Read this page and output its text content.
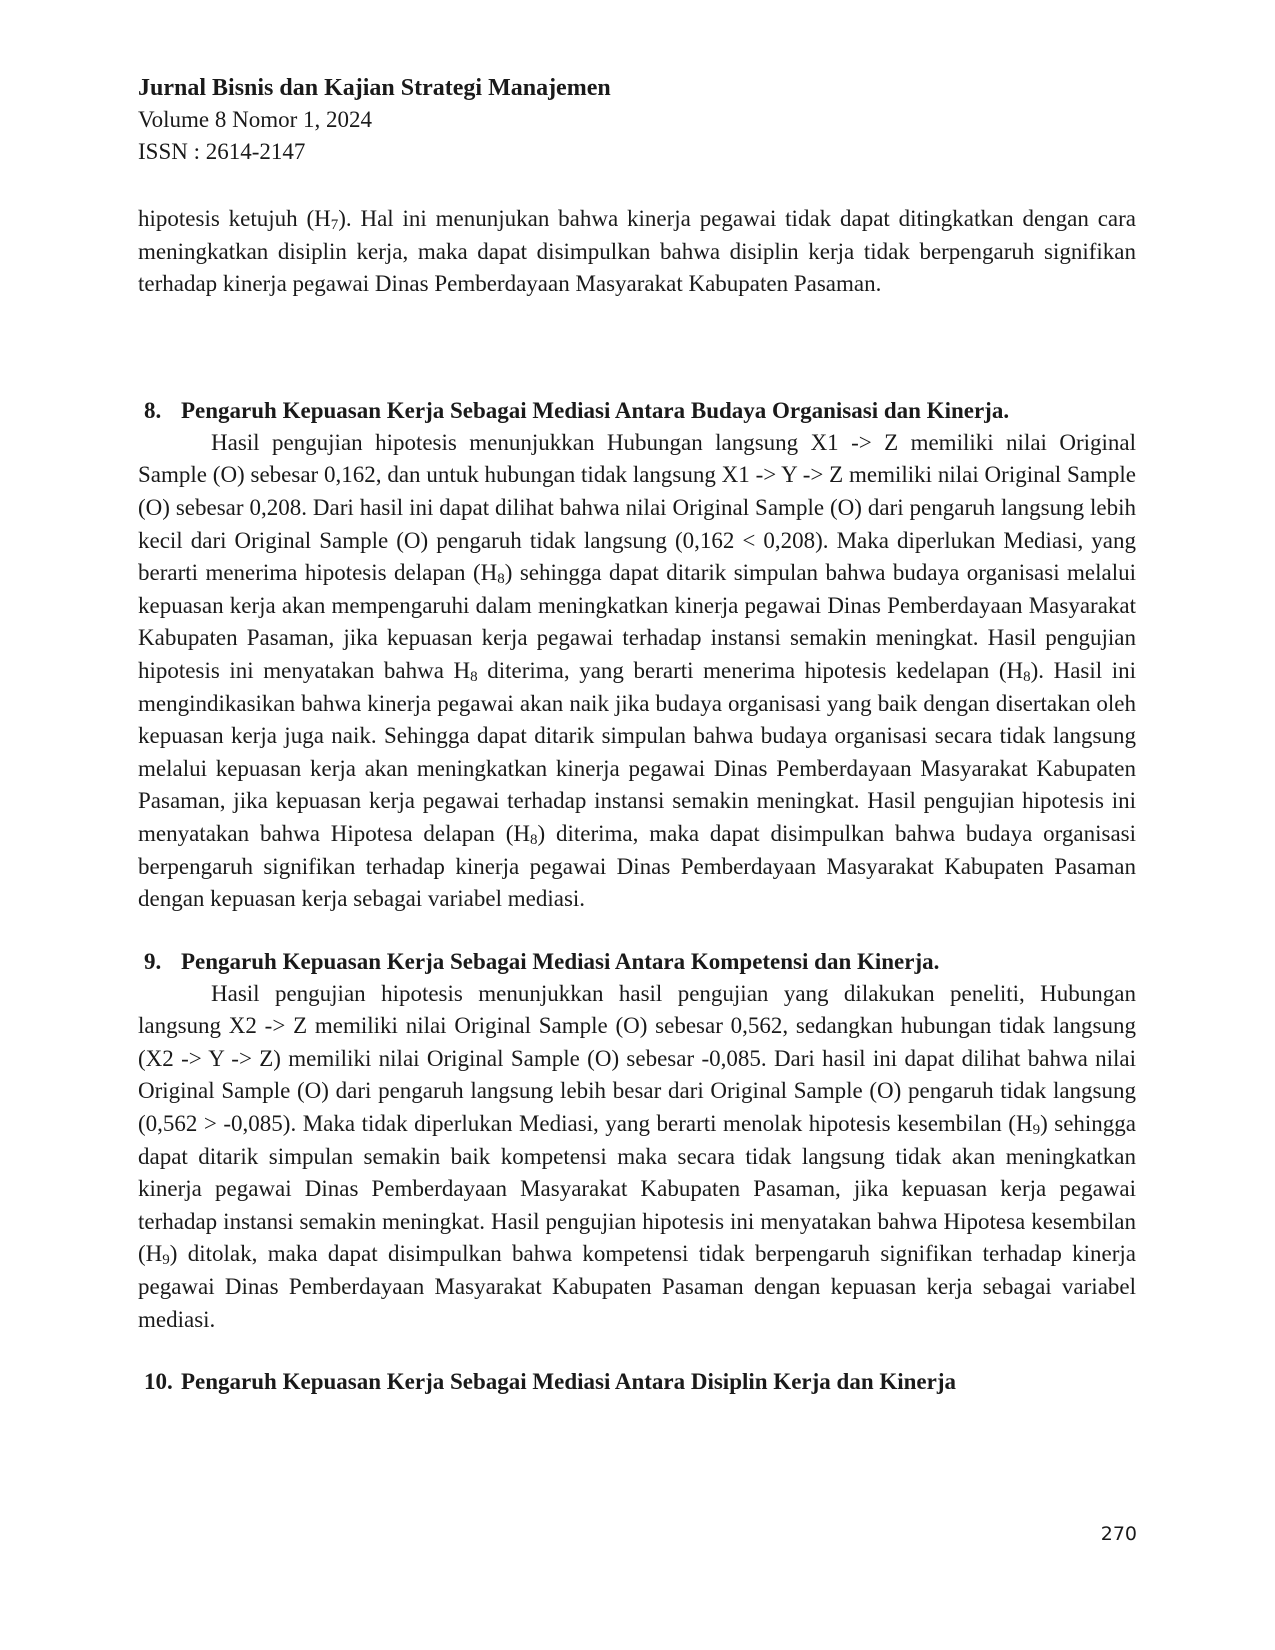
Jurnal Bisnis dan Kajian Strategi Manajemen

Volume 8 Nomor 1, 2024

ISSN : 2614-2147

hipotesis ketujuh $(H_7)$. Hal ini menunjukan bahwa kinerja pegawai tidak dapat ditingkatkan dengan cara meningkatkan disiplin kerja, maka dapat disimpulkan bahwa disiplin kerja tidak berpengaruh signifikan terhadap kinerja pegawai Dinas Pemberdayaan Masyarakat Kabupaten Pasaman.

8. Pengaruh Kepuasan Kerja Sebagai Mediasi Antara Budaya Organisasi dan Kinerja.

Hasil pengujian hipotesis menunjukkan Hubungan langsung X1 -> Z memiliki nilai Original Sample (O) sebesar 0,162, dan untuk hubungan tidak langsung X1 -> Y -> Z memiliki nilai Original Sample (O) sebesar 0,208. Dari hasil ini dapat dilihat bahwa nilai Original Sample (O) dari pengaruh langsung lebih kecil dari Original Sample (O) pengaruh tidak langsung (0,162 < 0,208). Maka diperlukan Mediasi, yang berarti menerima hipotesis delapan $(H_8)$ sehingga dapat ditarik simpulan bahwa budaya organisasi melalui kepuasan kerja akan mempengaruhi dalam meningkatkan kinerja pegawai Dinas Pemberdayaan Masyarakat Kabupaten Pasaman, jika kepuasan kerja pegawai terhadap instansi semakin meningkat. Hasil pengujian hipotesis ini menyatakan bahwa $H_8$ diterima, yang berarti menerima hipotesis kedelapan $(H_8)$. Hasil ini mengindikasikan bahwa kinerja pegawai akan naik jika budaya organisasi yang baik dengan disertakan oleh kepuasan kerja juga naik. Sehingga dapat ditarik simpulan bahwa budaya organisasi secara tidak langsung melalui kepuasan kerja akan meningkatkan kinerja pegawai Dinas Pemberdayaan Masyarakat Kabupaten Pasaman, jika kepuasan kerja pegawai terhadap instansi semakin meningkat. Hasil pengujian hipotesis ini menyatakan bahwa Hipotesa delapan $(H_8)$ diterima, maka dapat disimpulkan bahwa budaya organisasi berpengaruh signifikan terhadap kinerja pegawai Dinas Pemberdayaan Masyarakat Kabupaten Pasaman dengan kepuasan kerja sebagai variabel mediasi.

9. Pengaruh Kepuasan Kerja Sebagai Mediasi Antara Kompetensi dan Kinerja.

Hasil pengujian hipotesis menunjukkan hasil pengujian yang dilakukan peneliti, Hubungan langsung X2 -> Z memiliki nilai Original Sample (O) sebesar 0,562, sedangkan hubungan tidak langsung (X2 -> Y -> Z) memiliki nilai Original Sample (O) sebesar -0,085. Dari hasil ini dapat dilihat bahwa nilai Original Sample (O) dari pengaruh langsung lebih besar dari Original Sample (O) pengaruh tidak langsung (0,562 > -0,085). Maka tidak diperlukan Mediasi, yang berarti menolak hipotesis kesembilan $(H_9)$ sehingga dapat ditarik simpulan semakin baik kompetensi maka secara tidak langsung tidak akan meningkatkan kinerja pegawai Dinas Pemberdayaan Masyarakat Kabupaten Pasaman, jika kepuasan kerja pegawai terhadap instansi semakin meningkat. Hasil pengujian hipotesis ini menyatakan bahwa Hipotesa kesembilan $(H_9)$ ditolak, maka dapat disimpulkan bahwa kompetensi tidak berpengaruh signifikan terhadap kinerja pegawai Dinas Pemberdayaan Masyarakat Kabupaten Pasaman dengan kepuasan kerja sebagai variabel mediasi.

10. Pengaruh Kepuasan Kerja Sebagai Mediasi Antara Disiplin Kerja dan Kinerja
270
